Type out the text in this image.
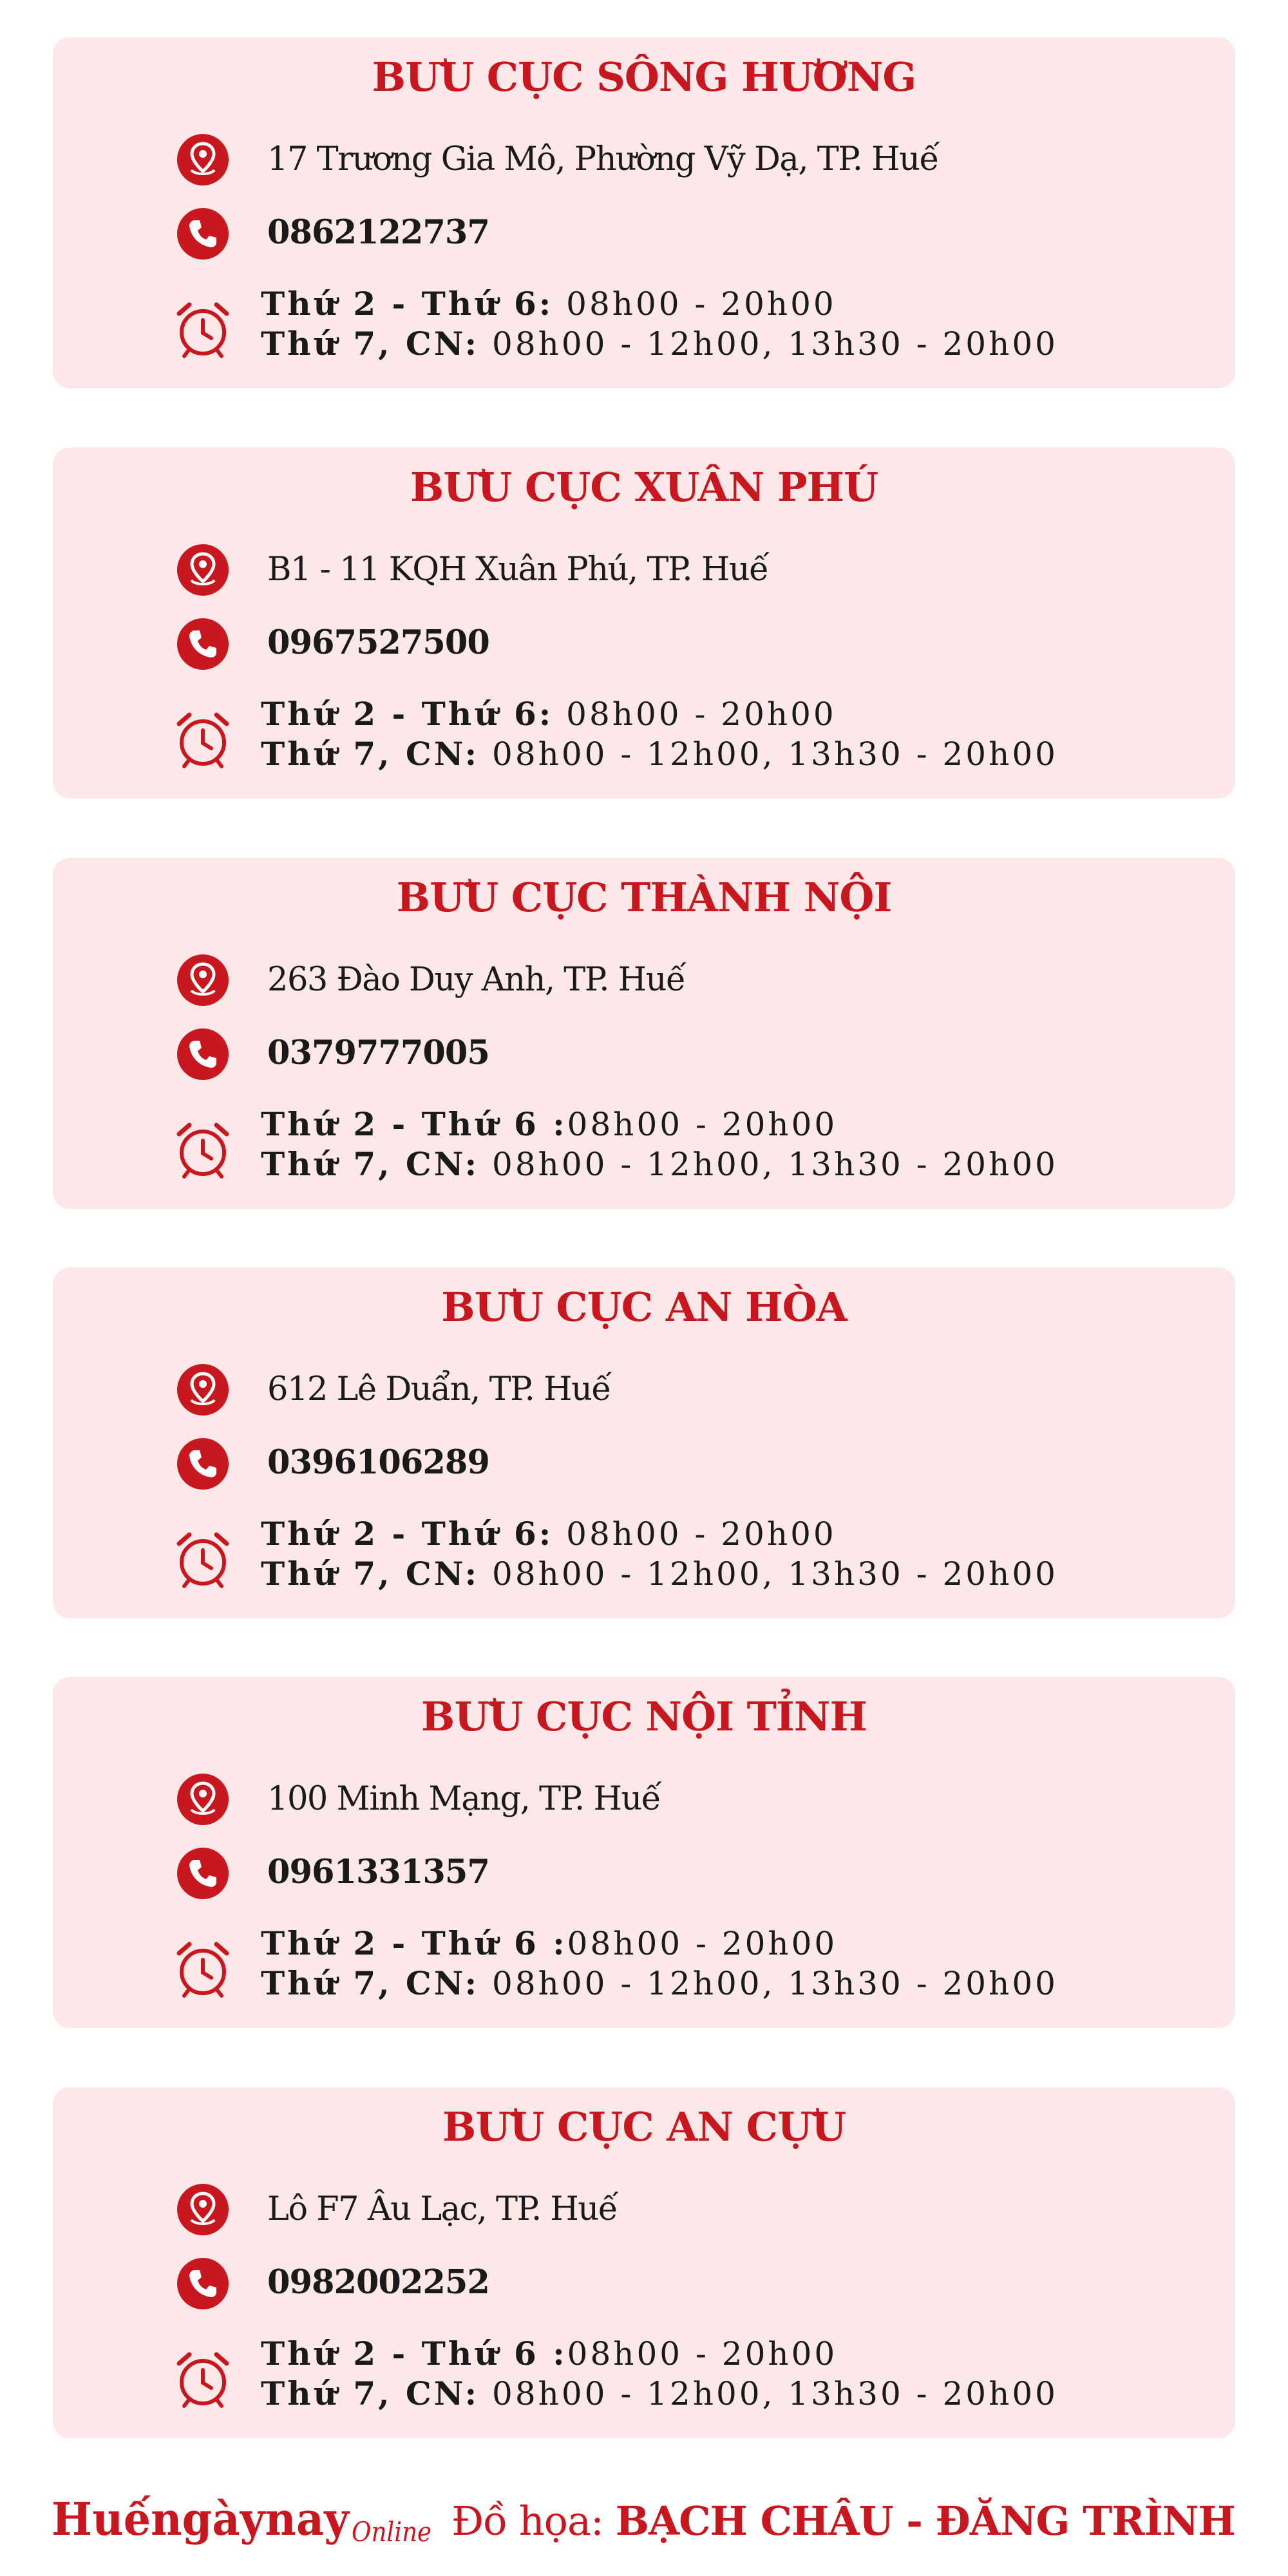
BƯU CỤC SÔNG HƯƠNG
17 Trương Gia Mô, Phường Vỹ Dạ, TP. Huế
0862122737
Thứ 2 - Thứ 6: 08h00 - 20h00
Thứ 7, CN: 08h00 - 12h00, 13h30 - 20h00
BƯU CỤC XUÂN PHÚ
B1 - 11 KQH Xuân Phú, TP. Huế
0967527500
Thứ 2 - Thứ 6: 08h00 - 20h00
Thứ 7, CN: 08h00 - 12h00, 13h30 - 20h00
BƯU CỤC THÀNH NỘI
263 Đào Duy Anh, TP. Huế
0379777005
Thứ 2 - Thứ 6 :08h00 - 20h00
Thứ 7, CN: 08h00 - 12h00, 13h30 - 20h00
BƯU CỤC AN HÒA
612 Lê Duẩn, TP. Huế
0396106289
Thứ 2 - Thứ 6: 08h00 - 20h00
Thứ 7, CN: 08h00 - 12h00, 13h30 - 20h00
BƯU CỤC NỘI TỈNH
100 Minh Mạng, TP. Huế
0961331357
Thứ 2 - Thứ 6 :08h00 - 20h00
Thứ 7, CN: 08h00 - 12h00, 13h30 - 20h00
BƯU CỤC AN CỰU
Lô F7 Âu Lạc, TP. Huế
0982002252
Thứ 2 - Thứ 6 :08h00 - 20h00
Thứ 7, CN: 08h00 - 12h00, 13h30 - 20h00
Huếngàynay Online Đồ họa: BẠCH CHÂU - ĐĂNG TRÌNH
